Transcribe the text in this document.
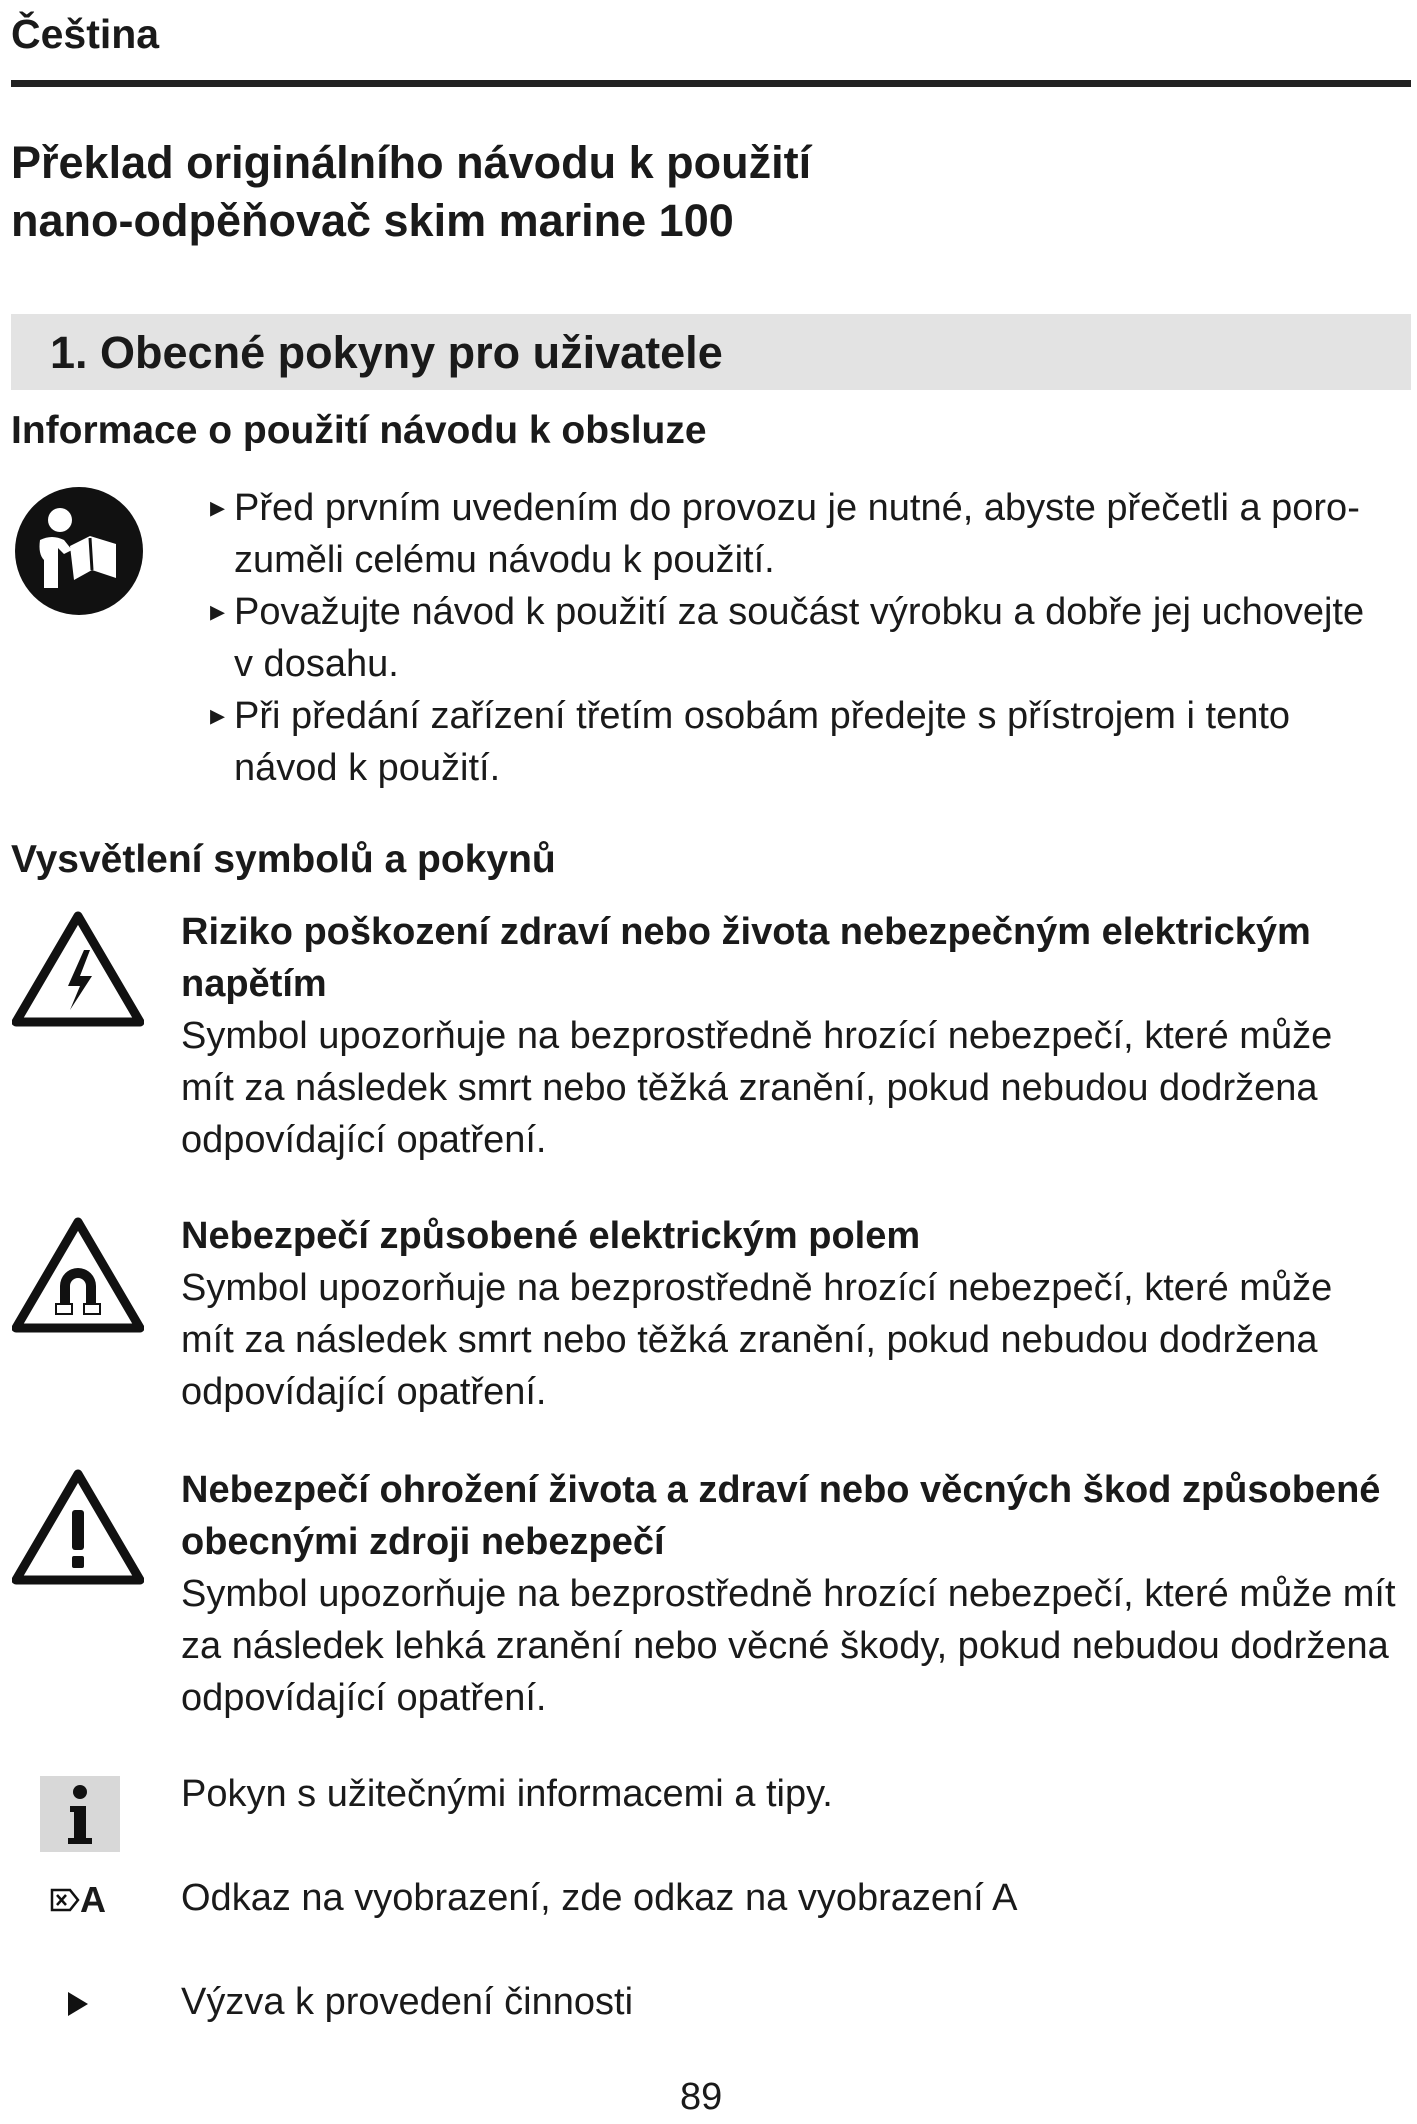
Čeština
Překlad originálního návodu k použití
nano-odpěňovač skim marine 100
1. Obecné pokyny pro uživatele
Informace o použití návodu k obsluze
▸ Před prvním uvedením do provozu je nutné, abyste přečetli a poro-
zuměli celému návodu k použití.
▸ Považujte návod k použití za součást výrobku a dobře jej uchovejte
v dosahu.
▸ Při předání zařízení třetím osobám předejte s přístrojem i tento
návod k použití.
Vysvětlení symbolů a pokynů
Riziko poškození zdraví nebo života nebezpečným elektrickým
napětím
Symbol upozorňuje na bezprostředně hrozící nebezpečí, které může
mít za následek smrt nebo těžká zranění, pokud nebudou dodržena
odpovídající opatření.
Nebezpečí způsobené elektrickým polem
Symbol upozorňuje na bezprostředně hrozící nebezpečí, které může
mít za následek smrt nebo těžká zranění, pokud nebudou dodržena
odpovídající opatření.
Nebezpečí ohrožení života a zdraví nebo věcných škod způsobené
obecnými zdroji nebezpečí
Symbol upozorňuje na bezprostředně hrozící nebezpečí, které může mít
za následek lehká zranění nebo věcné škody, pokud nebudou dodržena
odpovídající opatření.
Pokyn s užitečnými informacemi a tipy.
A Odkaz na vyobrazení, zde odkaz na vyobrazení A
Výzva k provedení činnosti
89
